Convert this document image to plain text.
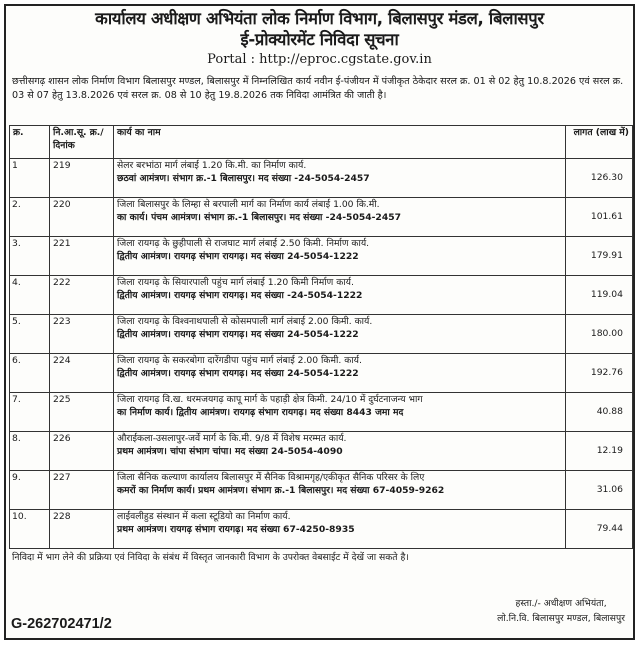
कार्यालय अधीक्षण अभियंता लोक निर्माण विभाग, बिलासपुर मंडल, बिलासपुर
ई-प्रोक्योरमेंट निविदा सूचना
Portal : http://eproc.cgstate.gov.in
छत्तीसगढ़ शासन लोक निर्माण विभाग बिलासपुर मण्डल, बिलासपुर में निम्नलिखित कार्य नवीन ई-पंजीयन में पंजीकृत ठेकेदार सरल क्र. 01 से 02 हेतु 10.8.2026 एवं सरल क्र. 03 से 07 हेतु 13.8.2026 एवं सरल क्र. 08 से 10 हेतु 19.8.2026 तक निविदा आमंत्रित की जाती है।
क्र.	नि.आ.सू. क्र./दिनांक	कार्य का नाम	लागत (लाख में)
1	219	सेलर बरभांठा मार्ग लंबाई 1.20 कि.मी. का निर्माण कार्य.
छठवां आमंत्रण। संभाग क्र.-1 बिलासपुर। मद संख्या -24-5054-2457	126.30
2.	220	जिला बिलासपुर के लिम्हा से बरपाली मार्ग का निर्माण कार्य लंबाई 1.00 कि.मी.
का कार्य। पंचम आमंत्रण। संभाग क्र.-1 बिलासपुर। मद संख्या -24-5054-2457	101.61
3.	221	जिला रायगढ़ के छुहीपाली से राजघाट मार्ग लंबाई 2.50 किमी. निर्माण कार्य.
द्वितीय आमंत्रण। रायगढ़ संभाग रायगढ़। मद संख्या 24-5054-1222	179.91
4.	222	जिला रायगढ़ के सियारपाली पहुंच मार्ग लंबाई 1.20 किमी निर्माण कार्य.
द्वितीय आमंत्रण। रायगढ़ संभाग रायगढ़। मद संख्या -24-5054-1222	119.04
5.	223	जिला रायगढ़ के विश्वनाथपाली से कोसमपाली मार्ग लंबाई 2.00 किमी. कार्य.
द्वितीय आमंत्रण। रायगढ़ संभाग रायगढ़। मद संख्या 24-5054-1222	180.00
6.	224	जिला रायगढ़ के सकरबोगा दारेंगडीपा पहुंच मार्ग लंबाई 2.00 किमी. कार्य.
द्वितीय आमंत्रण। रायगढ़ संभाग रायगढ़। मद संख्या 24-5054-1222	192.76
7.	225	जिला रायगढ़ वि.ख. धरमजयगढ़ कापू मार्ग के पहाड़ी क्षेत्र किमी. 24/10 में दुर्घटनाजन्य भाग
का निर्माण कार्य। द्वितीय आमंत्रण। रायगढ़ संभाग रायगढ़। मद संख्या 8443 जमा मद	40.88
8.	226	औराईकला-उसलापुर-जर्वे मार्ग के कि.मी. 9/8 में विशेष मरम्मत कार्य.
प्रथम आमंत्रण। चांपा संभाग चांपा। मद संख्या 24-5054-4090	12.19
9.	227	जिला सैनिक कल्याण कार्यालय बिलासपुर में सैनिक विश्रामगृह/एकीकृत सैनिक परिसर के लिए
कमरों का निर्माण कार्य। प्रथम आमंत्रण। संभाग क्र.-1 बिलासपुर। मद संख्या 67-4059-9262	31.06
10.	228	लाईवलीहुड संस्थान में कला स्टूडियो का निर्माण कार्य.
प्रथम आमंत्रण। रायगढ़ संभाग रायगढ़। मद संख्या 67-4250-8935	79.44
निविदा में भाग लेने की प्रक्रिया एवं निविदा के संबंध में विस्तृत जानकारी विभाग के उपरोक्त वेबसाईट में देखें जा सकते है।
G-262702471/2
हस्ता./- अधीक्षण अभियंता,
लो.नि.वि. बिलासपुर मण्डल, बिलासपुर
